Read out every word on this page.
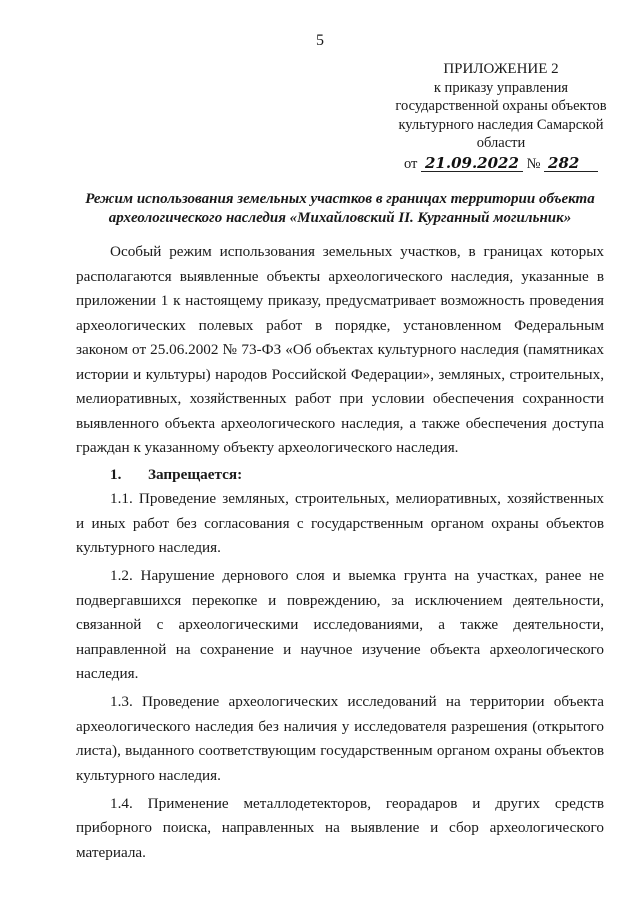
5
ПРИЛОЖЕНИЕ 2
к приказу управления
государственной охраны объектов
культурного наследия Самарской
области
от 21.09.2022 № 282
Режим использования земельных участков в границах территории объекта археологического наследия «Михайловский II. Курганный могильник»

Особый режим использования земельных участков, в границах которых располагаются выявленные объекты археологического наследия, указанные в приложении 1 к настоящему приказу, предусматривает возможность проведения археологических полевых работ в порядке, установленном Федеральным законом от 25.06.2002 № 73-ФЗ «Об объектах культурного наследия (памятниках истории и культуры) народов Российской Федерации», земляных, строительных, мелиоративных, хозяйственных работ при условии обеспечения сохранности выявленного объекта археологического наследия, а также обеспечения доступа граждан к указанному объекту археологического наследия.

1. Запрещается:

1.1. Проведение земляных, строительных, мелиоративных, хозяйственных и иных работ без согласования с государственным органом охраны объектов культурного наследия.

1.2. Нарушение дернового слоя и выемка грунта на участках, ранее не подвергавшихся перекопке и повреждению, за исключением деятельности, связанной с археологическими исследованиями, а также деятельности, направленной на сохранение и научное изучение объекта археологического наследия.

1.3. Проведение археологических исследований на территории объекта археологического наследия без наличия у исследователя разрешения (открытого листа), выданного соответствующим государственным органом охраны объектов культурного наследия.

1.4. Применение металлодетекторов, георадаров и других средств приборного поиска, направленных на выявление и сбор археологического материала.
